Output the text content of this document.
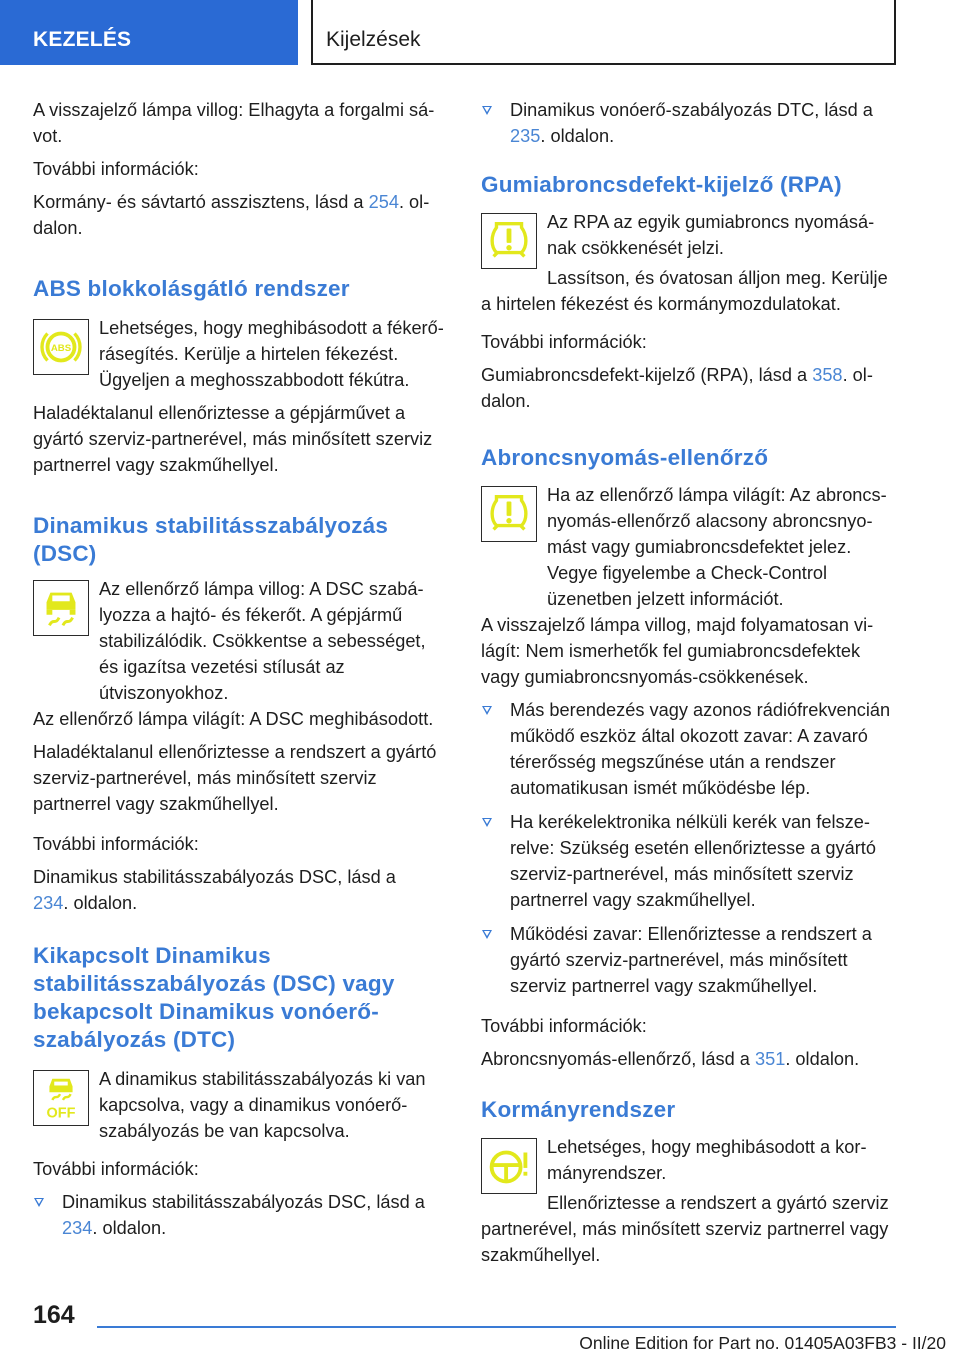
KEZELÉS	Kijelzések

A visszajelző lámpa villog: Elhagyta a forgalmi sávot.

További információk:

Kormány- és sávtartó asszisztens, lásd a 254. oldalon.

ABS blokkolásgátló rendszer
ABS

Lehetséges, hogy meghibásodott a fékerő-rásegítés. Kerülje a hirtelen fékezést. Ügyeljen a meghosszabbodott fékútra.

Haladéktalanul ellenőriztesse a gépjárművet a gyártó szerviz-partnerével, más minősített szerviz partnerrel vagy szakműhellyel.

Dinamikus stabilitásszabályozás (DSC)

Az ellenőrző lámpa villog: A DSC szabályozza a hajtó- és fékerőt. A gépjármű stabilizálódik. Csökkentse a sebességet, és igazítsa vezetési stílusát az útviszonyokhoz.

Az ellenőrző lámpa világít: A DSC meghibásodott.

Haladéktalanul ellenőriztesse a rendszert a gyártó szerviz-partnerével, más minősített szerviz partnerrel vagy szakműhellyel.

További információk:

Dinamikus stabilitásszabályozás DSC, lásd a
234. oldalon.

Kikapcsolt Dinamikus stabilitásszabályozás (DSC) vagy bekapcsolt Dinamikus vonóerő-szabályozás (DTC)
OFF

A dinamikus stabilitásszabályozás ki van kapcsolva, vagy a dinamikus vonóerőszabályozás be van kapcsolva.

További információk:

Dinamikus stabilitásszabályozás DSC, lásd a
234. oldalon.
Dinamikus vonóerő-szabályozás DTC, lásd a
235. oldalon.
Gumiabroncsdefekt-kijelző (RPA)

Az RPA az egyik gumiabroncs nyomásának csökkenését jelzi.

Lassítson, és óvatosan álljon meg. Kerülje a hirtelen fékezést és kormánymozdulatokat.

További információk:

Gumiabroncsdefekt-kijelző (RPA), lásd a 358. oldalon.

Abroncsnyomás-ellenőrző

Ha az ellenőrző lámpa világít: Az abroncsnyomás-ellenőrző alacsony abroncsnyomást vagy gumiabroncsdefektet jelez. Vegye figyelembe a Check-Control üzenetben jelzett információt.

A visszajelző lámpa villog, majd folyamatosan világít: Nem ismerhetők fel gumiabroncsdefektek vagy gumiabroncsnyomás-csökkenések.

Más berendezés vagy azonos rádiófrekvencián működő eszköz által okozott zavar: A zavaró térerősség megszűnése után a rendszer automatikusan ismét működésbe lép.
Ha kerékelektronika nélküli kerék van felszerelve: Szükség esetén ellenőriztesse a gyártó szerviz-partnerével, más minősített szerviz partnerrel vagy szakműhellyel.
Működési zavar: Ellenőriztesse a rendszert a gyártó szerviz-partnerével, más minősített szerviz partnerrel vagy szakműhellyel.

További információk:

Abroncsnyomás-ellenőrző, lásd a 351. oldalon.

Kormányrendszer

Lehetséges, hogy meghibásodott a kormányrendszer.

Ellenőriztesse a rendszert a gyártó szerviz partnerével, más minősített szerviz partnerrel vagy szakműhellyel.

164
Online Edition for Part no. 01405A03FB3 - II/20
